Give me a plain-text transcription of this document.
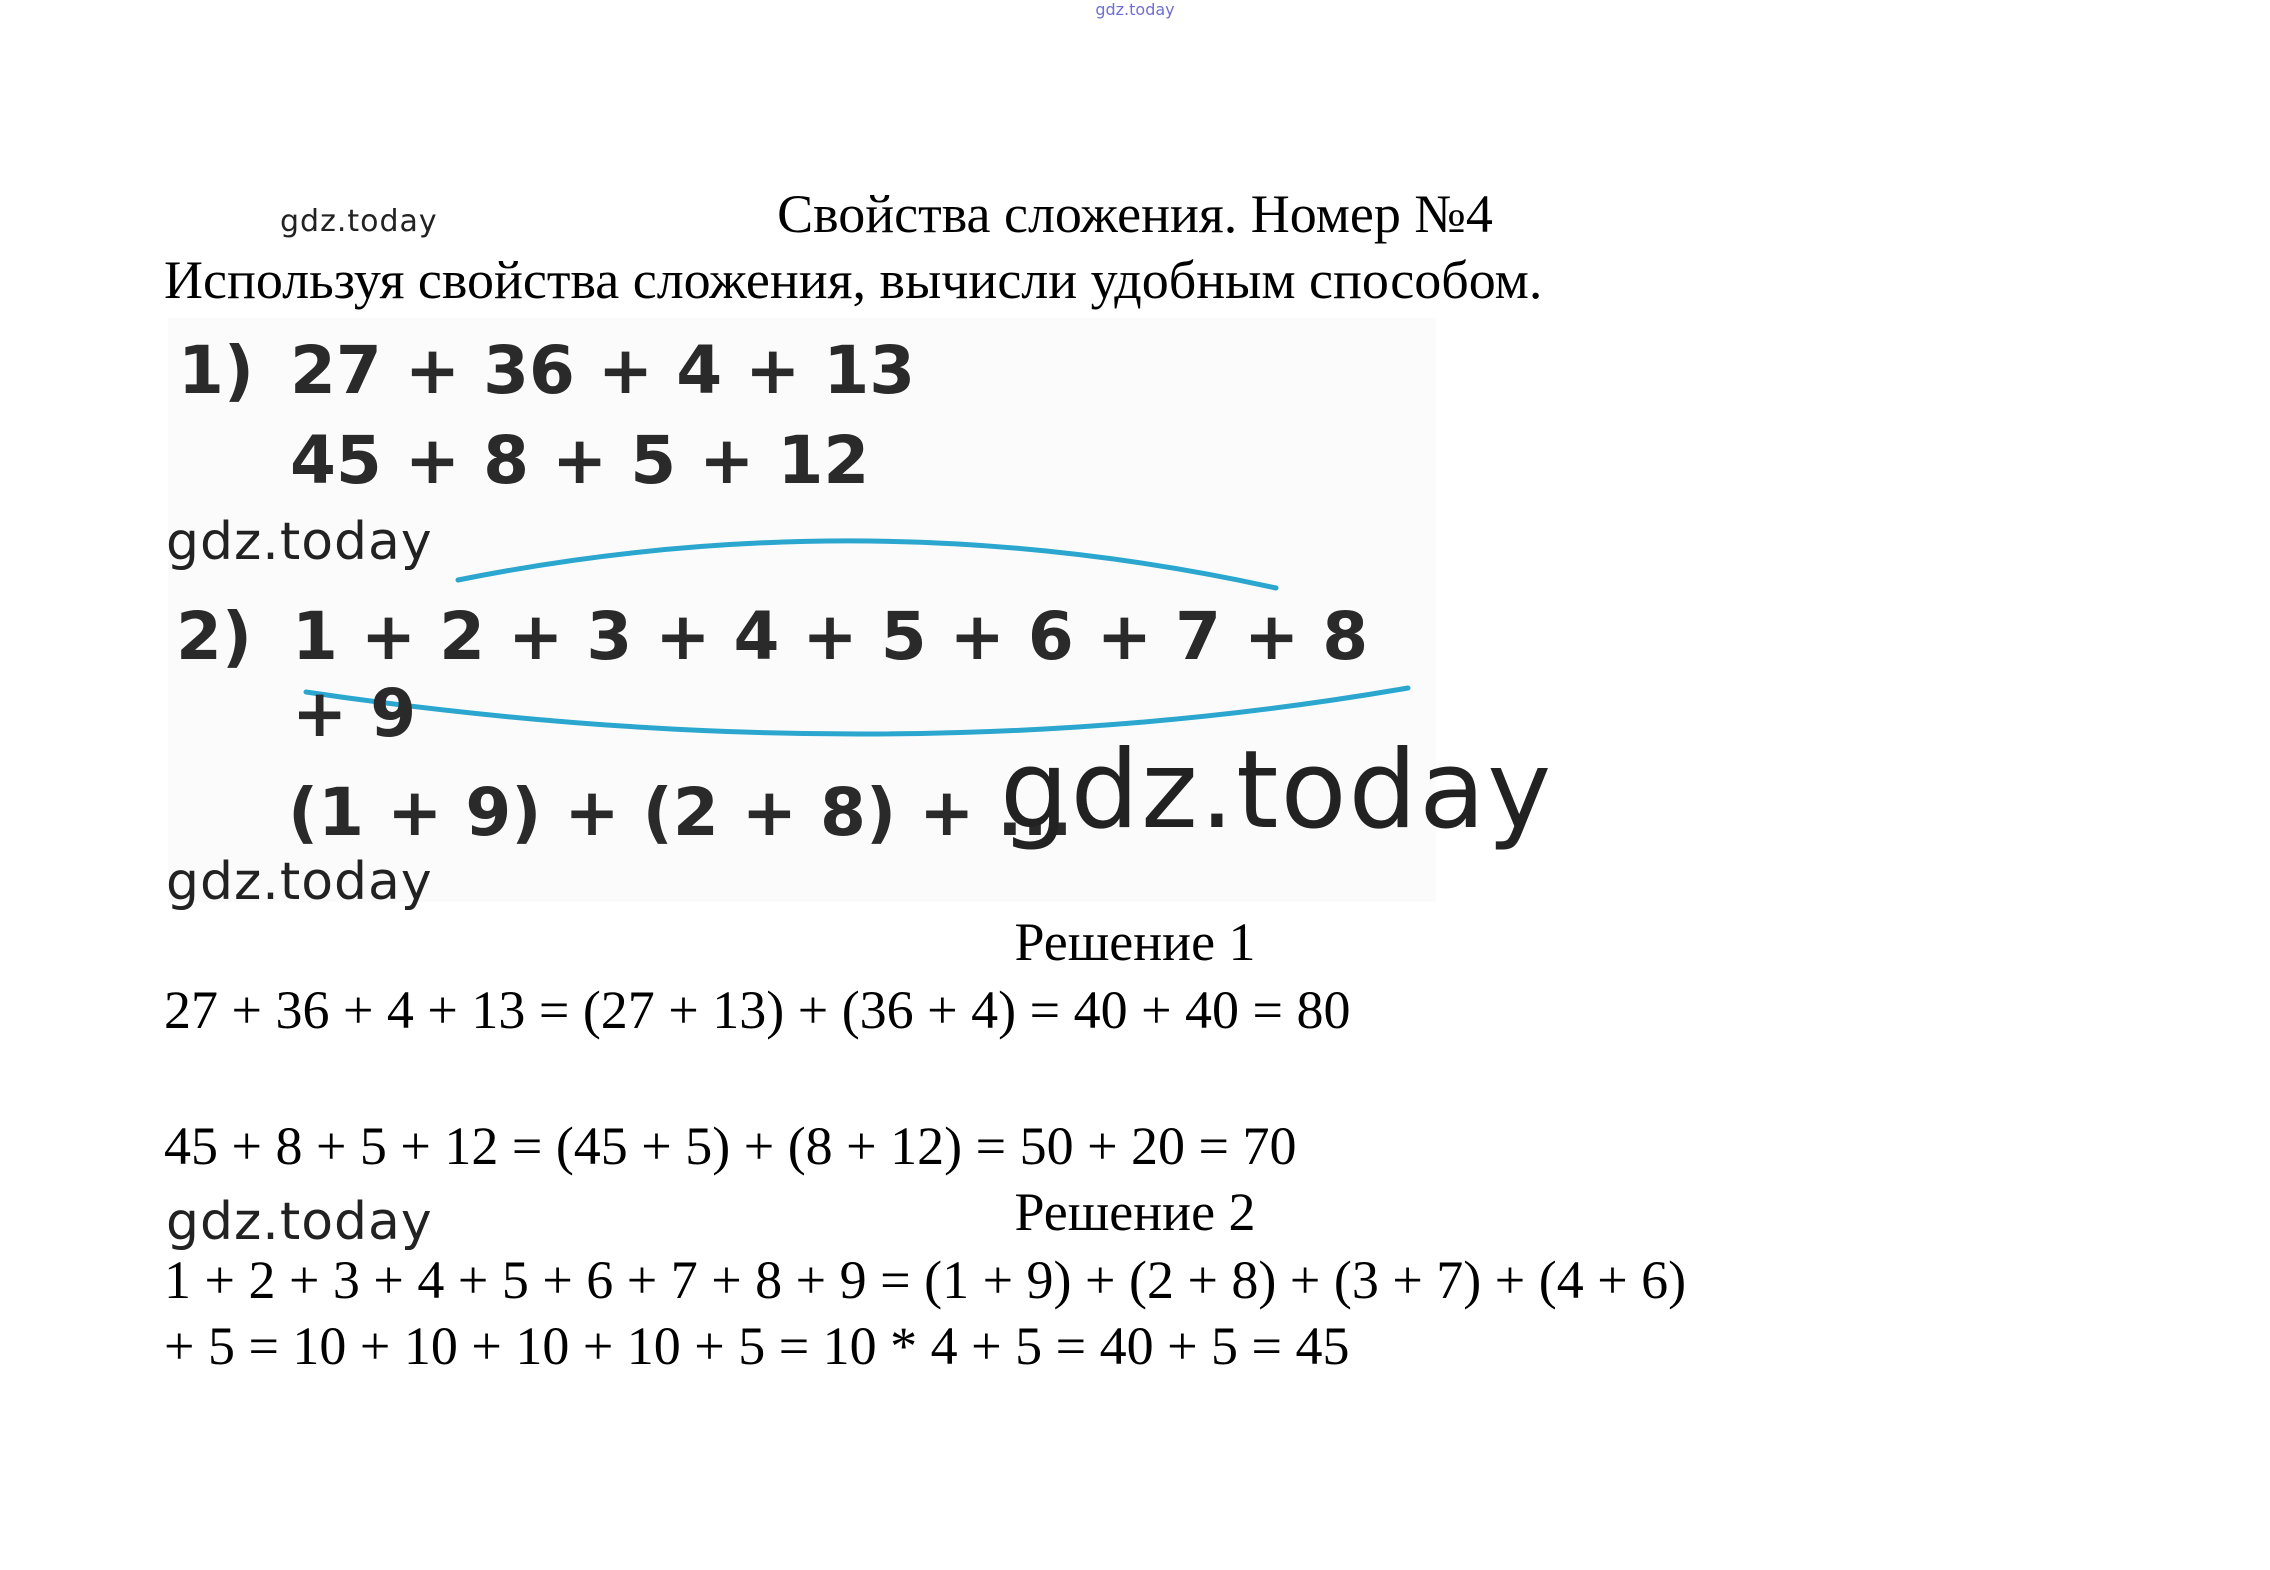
gdz.today
Свойства сложения. Номер №4
gdz.today
Используя свойства сложения, вычисли удобным способом.
1) 27 + 36 + 4 + 13
45 + 8 + 5 + 12
2) 1 + 2 + 3 + 4 + 5 + 6 + 7 + 8 + 9
(1 + 9) + (2 + 8) + ...
gdz.today
gdz.today
gdz.today
Решение 1
27 + 36 + 4 + 13 = (27 + 13) + (36 + 4) = 40 + 40 = 80
45 + 8 + 5 + 12 = (45 + 5) + (8 + 12) = 50 + 20 = 70
gdz.today	Решение 2
1 + 2 + 3 + 4 + 5 + 6 + 7 + 8 + 9 = (1 + 9) + (2 + 8) + (3 + 7) + (4 + 6)
+ 5 = 10 + 10 + 10 + 10 + 5 = 10 * 4 + 5 = 40 + 5 = 45
